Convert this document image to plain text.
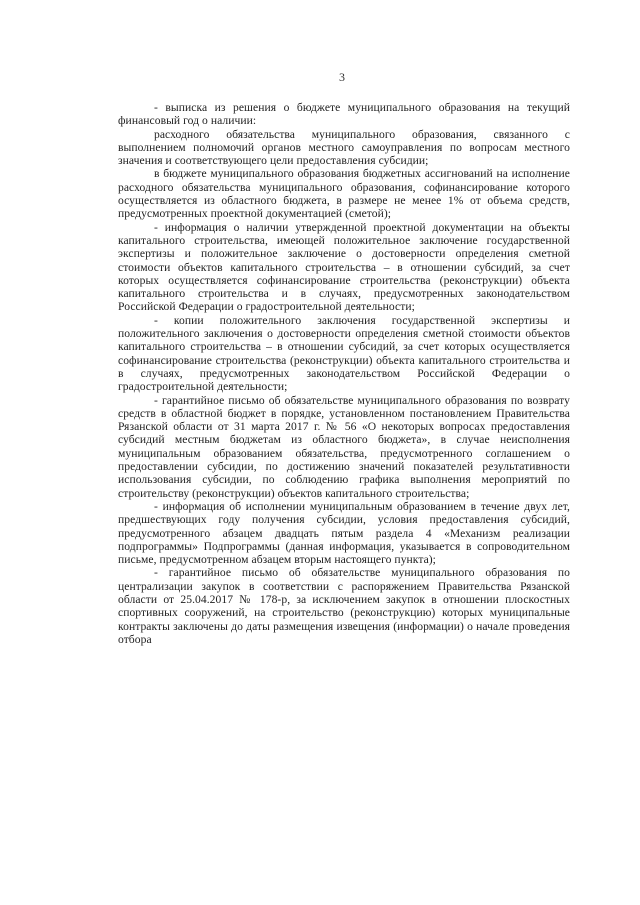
3

- выписка из решения о бюджете муниципального образования на текущий финансовый год о наличии:

расходного обязательства муниципального образования, связанного с выполнением полномочий органов местного самоуправления по вопросам местного значения и соответствующего цели предоставления субсидии;

в бюджете муниципального образования бюджетных ассигнований на исполнение расходного обязательства муниципального образования, софинансирование которого осуществляется из областного бюджета, в размере не менее 1% от объема средств, предусмотренных проектной документацией (сметой);

- информация о наличии утвержденной проектной документации на объекты капитального строительства, имеющей положительное заключение государственной экспертизы и положительное заключение о достоверности определения сметной стоимости объектов капитального строительства – в отношении субсидий, за счет которых осуществляется софинансирование строительства (реконструкции) объекта капитального строительства и в случаях, предусмотренных законодательством Российской Федерации о градостроительной деятельности;

- копии положительного заключения государственной экспертизы и положительного заключения о достоверности определения сметной стоимости объектов капитального строительства – в отношении субсидий, за счет которых осуществляется софинансирование строительства (реконструкции) объекта капитального строительства и в случаях, предусмотренных законодательством Российской Федерации о градостроительной деятельности;

- гарантийное письмо об обязательстве муниципального образования по возврату средств в областной бюджет в порядке, установленном постановлением Правительства Рязанской области от 31 марта 2017 г. № 56 «О некоторых вопросах предоставления субсидий местным бюджетам из областного бюджета», в случае неисполнения муниципальным образованием обязательства, предусмотренного соглашением о предоставлении субсидии, по достижению значений показателей результативности использования субсидии, по соблюдению графика выполнения мероприятий по строительству (реконструкции) объектов капитального строительства;

- информация об исполнении муниципальным образованием в течение двух лет, предшествующих году получения субсидии, условия предоставления субсидий, предусмотренного абзацем двадцать пятым раздела 4 «Механизм реализации подпрограммы» Подпрограммы (данная информация, указывается в сопроводительном письме, предусмотренном абзацем вторым настоящего пункта);

- гарантийное письмо об обязательстве муниципального образования по централизации закупок в соответствии с распоряжением Правительства Рязанской области от 25.04.2017 № 178-р, за исключением закупок в отношении плоскостных спортивных сооружений, на строительство (реконструкцию) которых муниципальные контракты заключены до даты размещения извещения (информации) о начале проведения отбора
